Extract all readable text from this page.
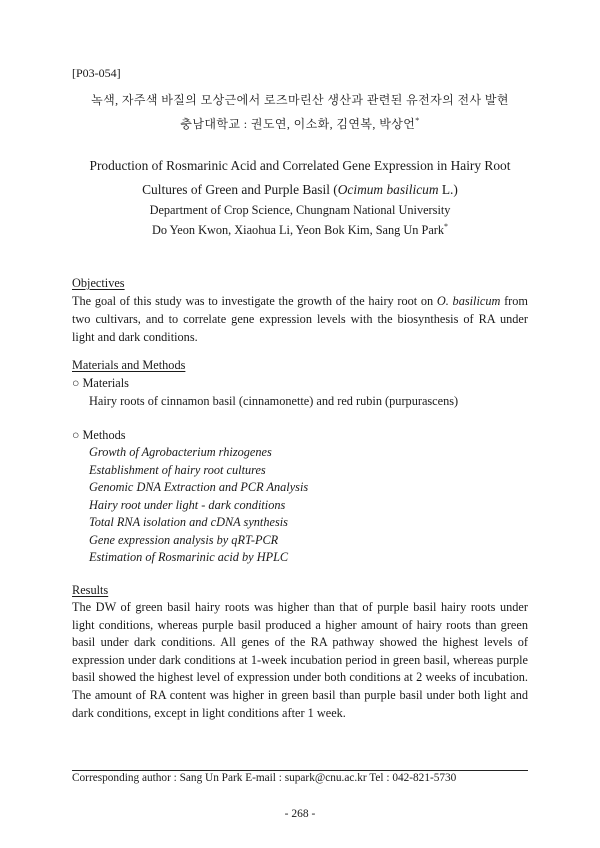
[P03-054]
녹색, 자주색 바질의 모상근에서 로즈마린산 생산과 관련된 유전자의 전사 발현
충남대학교 : 권도연, 이소화, 김연복, 박상언*
Production of Rosmarinic Acid and Correlated Gene Expression in Hairy Root
Cultures of Green and Purple Basil (Ocimum basilicum L.)
Department of Crop Science, Chungnam National University
Do Yeon Kwon, Xiaohua Li, Yeon Bok Kim, Sang Un Park*
Objectives
The goal of this study was to investigate the growth of the hairy root on O. basilicum from two cultivars, and to correlate gene expression levels with the biosynthesis of RA under light and dark conditions.
Materials and Methods
○ Materials
Hairy roots of cinnamon basil (cinnamonette) and red rubin (purpurascens)
○ Methods
Growth of Agrobacterium rhizogenes
Establishment of hairy root cultures
Genomic DNA Extraction and PCR Analysis
Hairy root under light - dark conditions
Total RNA isolation and cDNA synthesis
Gene expression analysis by qRT-PCR
Estimation of Rosmarinic acid by HPLC
Results
The DW of green basil hairy roots was higher than that of purple basil hairy roots under light conditions, whereas purple basil produced a higher amount of hairy roots than green basil under dark conditions. All genes of the RA pathway showed the highest levels of expression under dark conditions at 1-week incubation period in green basil, whereas purple basil showed the highest level of expression under both conditions at 2 weeks of incubation. The amount of RA content was higher in green basil than purple basil under both light and dark conditions, except in light conditions after 1 week.
Corresponding author : Sang Un Park E-mail : supark@cnu.ac.kr Tel : 042-821-5730
- 268 -
